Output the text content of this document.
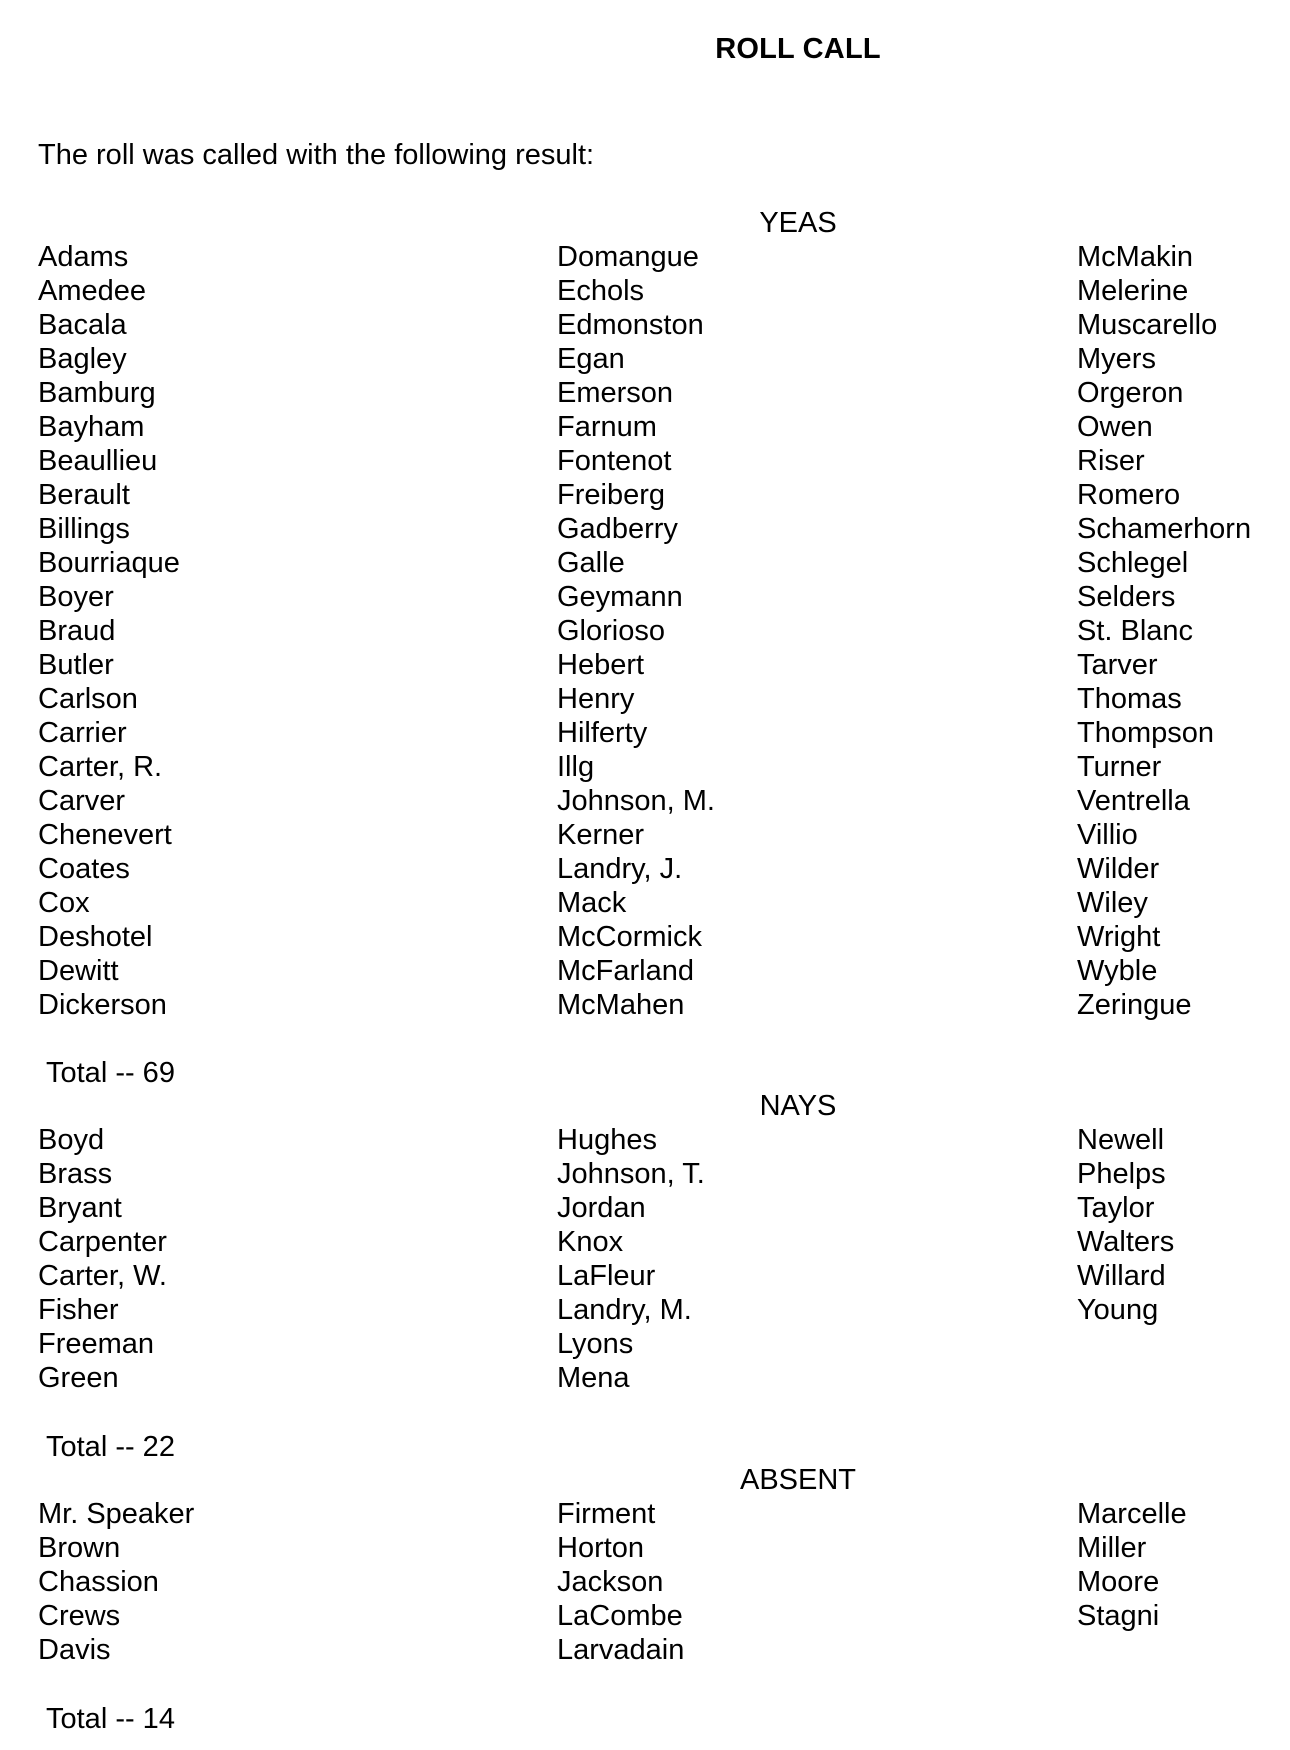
ROLL CALL
The roll was called with the following result:
YEAS
Adams
Amedee
Bacala
Bagley
Bamburg
Bayham
Beaullieu
Berault
Billings
Bourriaque
Boyer
Braud
Butler
Carlson
Carrier
Carter, R.
Carver
Chenevert
Coates
Cox
Deshotel
Dewitt
Dickerson
Domangue
Echols
Edmonston
Egan
Emerson
Farnum
Fontenot
Freiberg
Gadberry
Galle
Geymann
Glorioso
Hebert
Henry
Hilferty
Illg
Johnson, M.
Kerner
Landry, J.
Mack
McCormick
McFarland
McMahen
McMakin
Melerine
Muscarello
Myers
Orgeron
Owen
Riser
Romero
Schamerhorn
Schlegel
Selders
St. Blanc
Tarver
Thomas
Thompson
Turner
Ventrella
Villio
Wilder
Wiley
Wright
Wyble
Zeringue
Total -- 69
NAYS
Boyd
Brass
Bryant
Carpenter
Carter, W.
Fisher
Freeman
Green
Hughes
Johnson, T.
Jordan
Knox
LaFleur
Landry, M.
Lyons
Mena
Newell
Phelps
Taylor
Walters
Willard
Young
Total -- 22
ABSENT
Mr. Speaker
Brown
Chassion
Crews
Davis
Firment
Horton
Jackson
LaCombe
Larvadain
Marcelle
Miller
Moore
Stagni
Total -- 14
